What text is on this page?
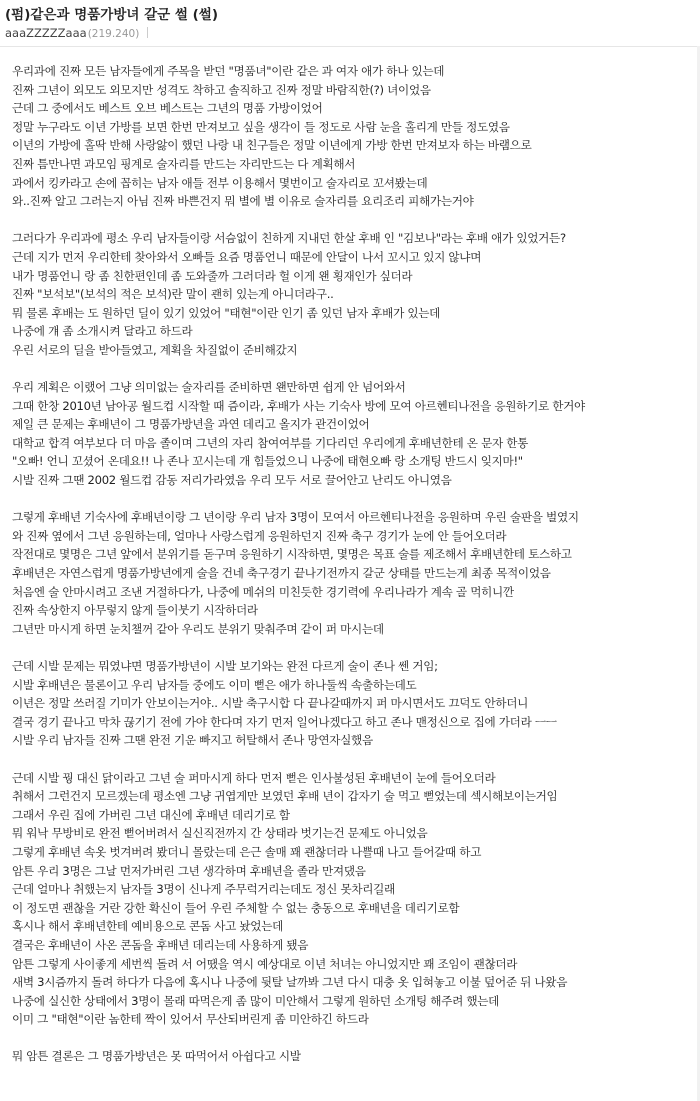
(펌)같은과 명품가방녀 갈군 썰 (썰)
aaaZZZZZaaa(219.240)
우리과에 진짜 모든 남자들에게 주목을 받던 "명품녀"이란 같은 과 여자 애가 하나 있는데
진짜 그년이 외모도 외모지만 성격도 착하고 솔직하고 진짜 정말 바람직한(?) 녀이었음
근데 그 중에서도 베스트 오브 베스트는 그년의 명품 가방이었어
정말 누구라도 이년 가방를 보면 한번 만져보고 싶을 생각이 들 정도로 사람 눈을 홀리게 만들 정도였음
이년의 가방에 홀딱 반해 사랑앓이 했던 나랑 내 친구들은 정말 이년에게 가방 한번 만져보자 하는 바램으로
진짜 틈만나면 과모임 핑계로 술자리를 만드는 자리만드는 다 계획해서
과에서 킹카라고 손에 꼽히는 남자 애들 전부 이용해서 몇번이고 술자리로 꼬셔봤는데
와..진짜 알고 그러는지 아님 진짜 바쁜건지 뭐 별에 별 이유로 술자리를 요리조리 피해가는거야
그러다가 우리과에 평소 우리 남자들이랑 서슴없이 친하게 지내던 한살 후배 인 "김보나"라는 후배 애가 있었거든?
근데 지가 먼저 우리한테 찾아와서 오빠들 요즘 명품언니 때문에 안달이 나서 꼬시고 있지 않냐며
내가 명품언니 랑 좀 친한편인데 좀 도와줄까 그러더라 헐 이게 왠 횡재인가 싶더라
진짜 "보석보"(보석의 적은 보석)란 말이 괜히 있는게 아니더라구..
뭐 물론 후배는 도 원하던 딜이 있기 있었어 "태현"이란 인기 좀 있던 남자 후배가 있는데
나중에 걔 좀 소개시켜 달라고 하드라
우린 서로의 딜을 받아들였고, 계획을 차질없이 준비해갔지
우리 계획은 이랬어 그냥 의미없는 술자리를 준비하면 왠만하면 쉽게 안 넘어와서
그때 한창 2010년 남아공 월드컵 시작할 때 즘이라, 후배가 사는 기숙사 방에 모여 아르헨티나전을 응원하기로 한거야
제일 큰 문제는 후배년이 그 명품가방년을 과연 데리고 올지가 관건이었어
대학교 합격 여부보다 더 마음 졸이며 그년의 자리 참여여부를 기다리던 우리에게 후배년한테 온 문자 한통
"오빠! 언니 꼬셨어 온데요!! 나 존나 꼬시는데 개 힘들었으니 나중에 태현오빠 랑 소개팅 반드시 잊지마!"
시발 진짜 그땐 2002 월드컵 감동 저리가라였음 우리 모두 서로 끌어안고 난리도 아니였음
그렇게 후배년 기숙사에 후배년이랑 그 년이랑 우리 남자 3명이 모여서 아르헨티나전을 응원하며 우린 술판을 벌였지
와 진짜 옆에서 그년 응원하는데, 얼마나 사랑스럽게 응원하던지 진짜 축구 경기가 눈에 안 들어오더라
작전대로 몇명은 그년 앞에서 분위기를 돋구며 응원하기 시작하면, 몇명은 목표 술를 제조해서 후배년한테 토스하고
후배년은 자연스럽게 명품가방년에게 술을 건네 축구경기 끝나기전까지 갈군 상태를 만드는게 최종 목적이었음
처음엔 술 안마시려고 조낸 거절하다가, 나중에 메쉬의 미친듯한 경기력에 우리나라가 계속 골 먹히니깐
진짜 속상한지 아무렇지 않게 들이붓기 시작하더라
그년만 마시게 하면 눈치챌꺼 같아 우리도 분위기 맞춰주며 같이 퍼 마시는데
근데 시발 문제는 뭐였냐면 명품가방년이 시발 보기와는 완전 다르게 술이 존나 쎈 거임;
시발 후배년은 물론이고 우리 남자들 중에도 이미 뻗은 애가 하나둘씩 속출하는데도
이년은 정말 쓰러질 기미가 안보이는거야.. 시발 축구시합 다 끝나갈때까지 퍼 마시면서도 끄덕도 안하더니
결국 경기 끝나고 막차 끊기기 전에 가야 한다며 자기 먼저 일어나겠다고 하고 존나 맨정신으로 집에 가더라 ㅡㅡ
시발 우리 남자들 진짜 그땐 완전 기운 빠지고 허탈해서 존나 망연자실했음
근데 시발 꿩 대신 닭이라고 그년 술 퍼마시게 하다 먼저 뻗은 인사불성된 후배년이 눈에 들어오더라
취해서 그런건지 모르겠는데 평소엔 그냥 귀엽게만 보였던 후배 년이 갑자기 술 먹고 뻗었는데 섹시해보이는거임
그래서 우린 집에 가버린 그년 대신에 후배년 데리기로 함
뭐 워낙 무방비로 완전 뻗어버려서 실신직전까지 간 상태라 벗기는건 문제도 아니었음
그렇게 후배년 속옷 벗겨버려 봤더니 몰랐는데 은근 솔매 꽤 괜찮더라 나쁠때 나고 들어갈때 하고
암튼 우리 3명은 그날 먼저가버린 그년 생각하며 후배년을 졸라 만져댔음
근데 얼마나 취했는지 남자들 3명이 신나게 주무럭거리는데도 정신 못차리길래
이 정도면 괜찮을 거란 강한 확신이 들어 우린 주체할 수 없는 충동으로 후배년을 데리기로함
혹시나 해서 후배년한테 예비용으로 콘돔 사고 놨었는데
결국은 후배년이 사온 콘돔을 후배년 데리는데 사용하게 됐음
암튼 그렇게 사이좋게 세번씩 돌려 서 어땠을 역시 예상대로 이년 처녀는 아니었지만 꽤 조임이 괜찮더라
새벽 3시즘까지 돌려 하다가 다음에 혹시나 나중에 뒷탈 날까봐 그년 다시 대충 옷 입혀놓고 이불 덮어준 뒤 나왔음
나중에 실신한 상태에서 3명이 몰래 따먹은게 좀 많이 미안해서 그렇게 원하던 소개팅 해주려 했는데
이미 그 "태현"이란 놈한테 짝이 있어서 무산되버린게 좀 미안하긴 하드라
뭐 암튼 결론은 그 명품가방년은 못 따먹어서 아쉽다고 시발
